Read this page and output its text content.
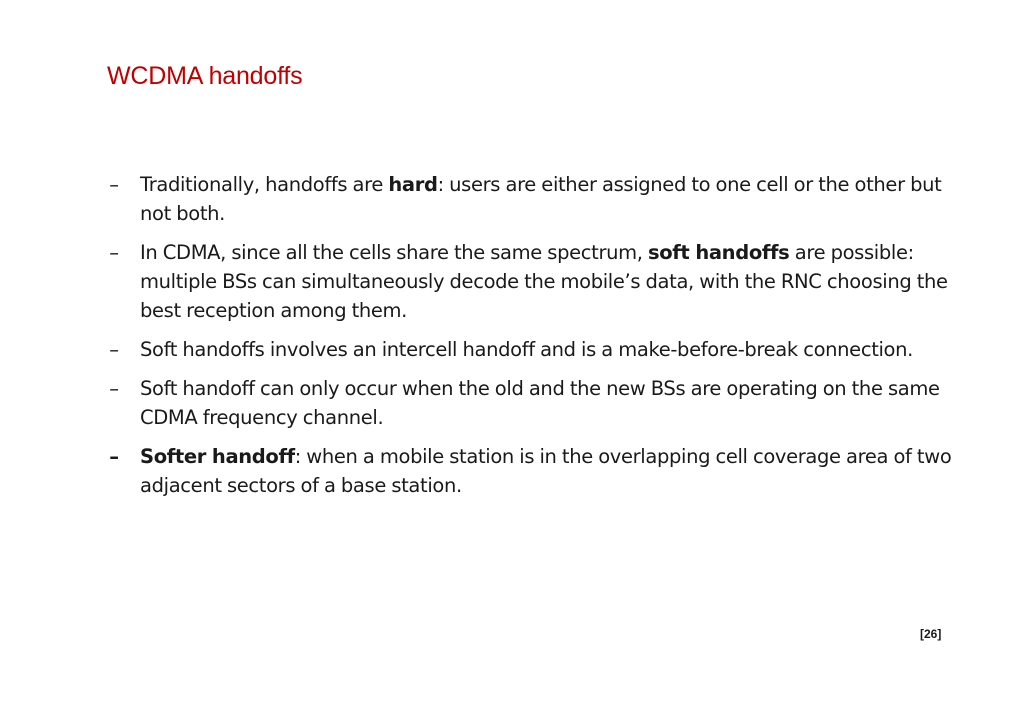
WCDMA handoffs
– Traditionally, handoffs are hard: users are either assigned to one cell or the other but not both.
– In CDMA, since all the cells share the same spectrum, soft handoffs are possible: multiple BSs can simultaneously decode the mobile’s data, with the RNC choosing the best reception among them.
– Soft handoffs involves an intercell handoff and is a make-before-break connection.
– Soft handoff can only occur when the old and the new BSs are operating on the same CDMA frequency channel.
– Softer handoff: when a mobile station is in the overlapping cell coverage area of two adjacent sectors of a base station.
[26]
